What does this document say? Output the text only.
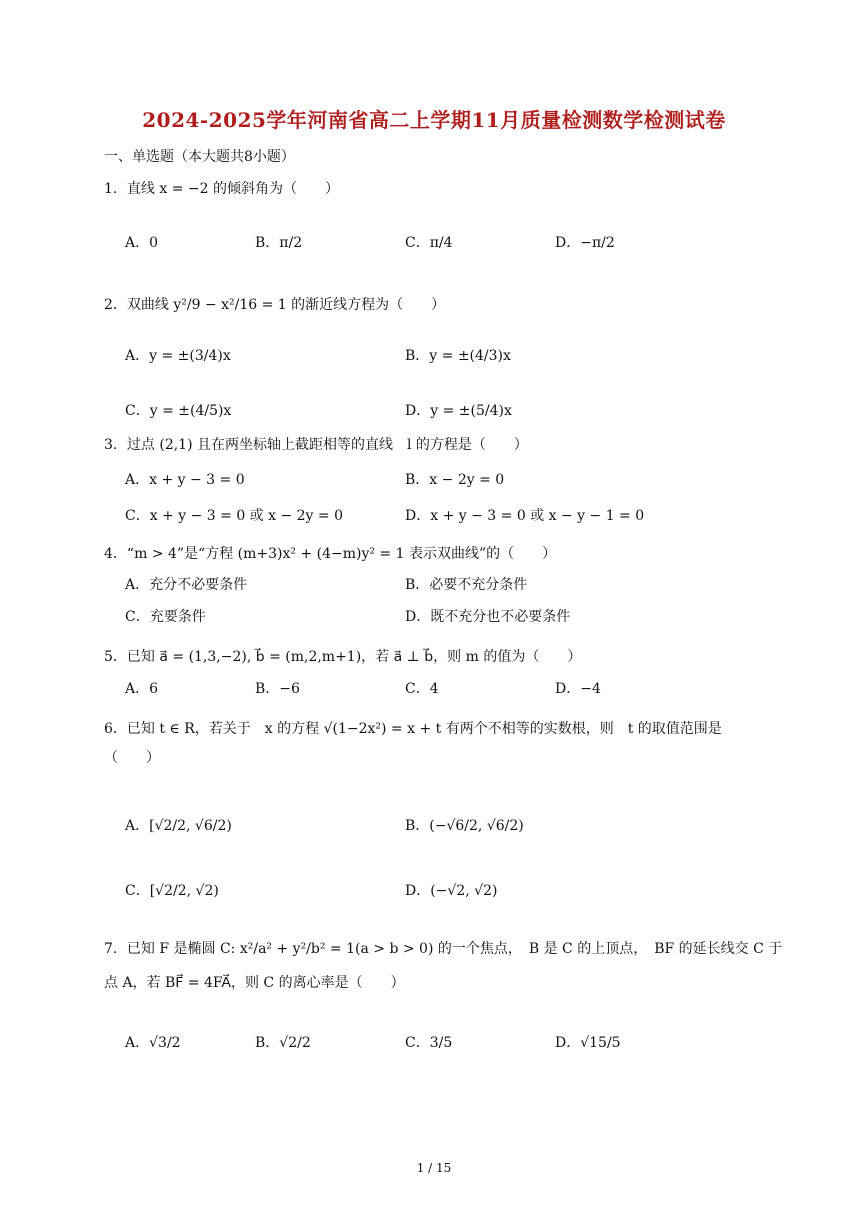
2024-2025学年河南省高二上学期11月质量检测数学检测试卷
一、单选题（本大题共8小题）
1．直线 x = −2 的倾斜角为（　　）
A．0	B．π/2	C．π/4	D．−π/2
2．双曲线 y²/9 − x²/16 = 1 的渐近线方程为（　　）
A．y = ±(3/4)x	B．y = ±(4/3)x
C．y = ±(4/5)x	D．y = ±(5/4)x
3．过点 (2,1) 且在两坐标轴上截距相等的直线　l 的方程是（　　）
A．x + y − 3 = 0	B．x − 2y = 0
C．x + y − 3 = 0 或 x − 2y = 0	D．x + y − 3 = 0 或 x − y − 1 = 0
4．“m > 4”是“方程 (m+3)x² + (4−m)y² = 1 表示双曲线”的（　　）
A．充分不必要条件	B．必要不充分条件
C．充要条件	D．既不充分也不必要条件
5．已知 a⃗ = (1,3,−2), b⃗ = (m,2,m+1)，若 a⃗ ⊥ b⃗，则 m 的值为（　　）
A．6	B．−6	C．4	D．−4
6．已知 t ∈ R，若关于　x 的方程 √(1−2x²) = x + t 有两个不相等的实数根，则　t 的取值范围是
（　　）
A．[√2/2, √6/2)	B．(−√6/2, √6/2)
C．[√2/2, √2)	D．(−√2, √2)
7．已知 F 是椭圆 C: x²/a² + y²/b² = 1(a > b > 0) 的一个焦点，　B 是 C 的上顶点，　BF 的延长线交 C 于
点 A，若 BF⃗ = 4FA⃗，则 C 的离心率是（　　）
A．√3/2	B．√2/2	C．3/5	D．√15/5
1 / 15
